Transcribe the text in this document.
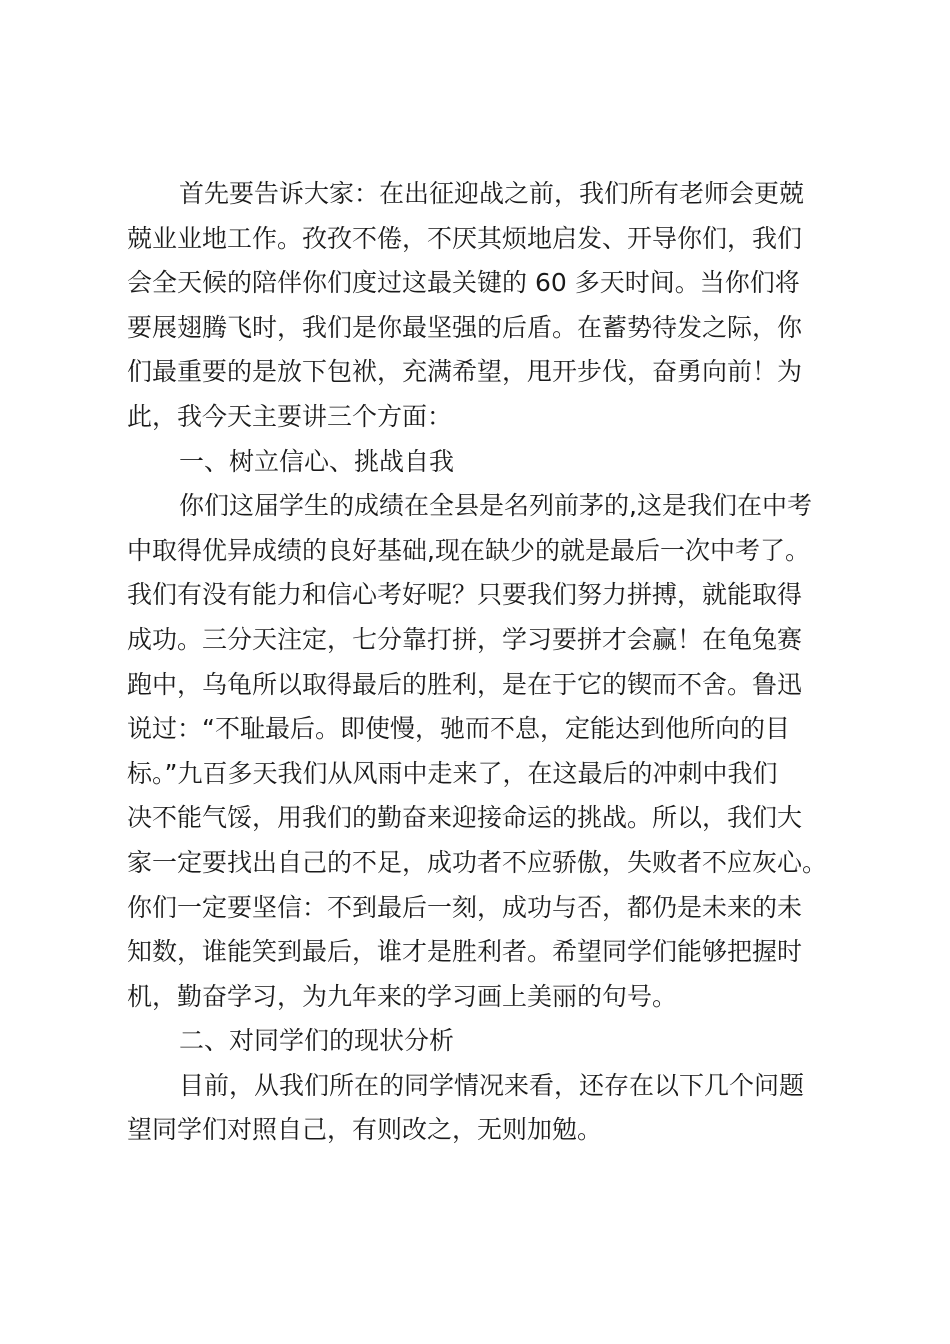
首先要告诉大家：在出征迎战之前，我们所有老师会更兢
兢业业地工作。孜孜不倦，不厌其烦地启发、开导你们，我们
会全天候的陪伴你们度过这最关键的 60 多天时间。当你们将
要展翅腾飞时，我们是你最坚强的后盾。在蓄势待发之际，你
们最重要的是放下包袱，充满希望，甩开步伐，奋勇向前！为
此，我今天主要讲三个方面：
一、树立信心、挑战自我
你们这届学生的成绩在全县是名列前茅的,这是我们在中考
中取得优异成绩的良好基础,现在缺少的就是最后一次中考了。
我们有没有能力和信心考好呢？只要我们努力拼搏，就能取得
成功。三分天注定，七分靠打拼，学习要拼才会赢！在龟兔赛
跑中，乌龟所以取得最后的胜利，是在于它的锲而不舍。鲁迅
说过：“不耻最后。即使慢，驰而不息，定能达到他所向的目
标。”九百多天我们从风雨中走来了，在这最后的冲刺中我们
决不能气馁，用我们的勤奋来迎接命运的挑战。所以，我们大
家一定要找出自己的不足，成功者不应骄傲，失败者不应灰心。
你们一定要坚信：不到最后一刻，成功与否，都仍是未来的未
知数，谁能笑到最后，谁才是胜利者。希望同学们能够把握时
机，勤奋学习，为九年来的学习画上美丽的句号。
二、对同学们的现状分析
目前，从我们所在的同学情况来看，还存在以下几个问题
望同学们对照自己，有则改之，无则加勉。
